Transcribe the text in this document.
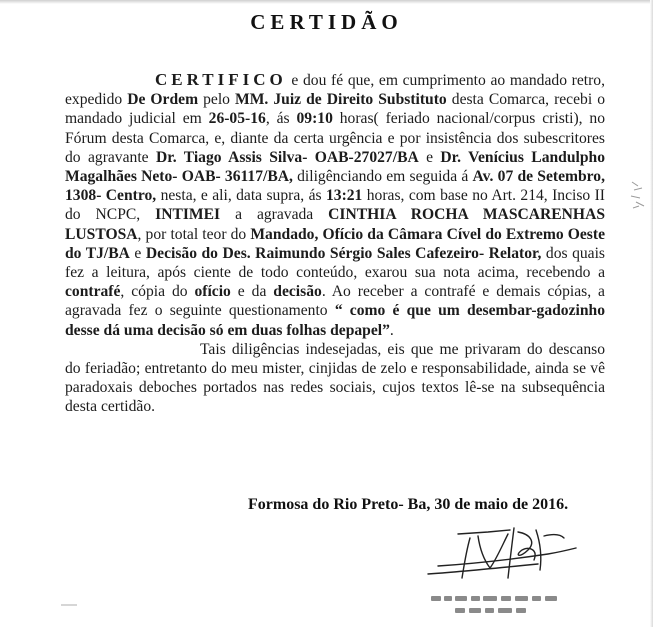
CERTIDÃO

CERTIFICO e dou fé que, em cumprimento ao mandado retro, expedido De Ordem pelo MM. Juiz de Direito Substituto desta Comarca, recebi o mandado judicial em 26-05-16, ás 09:10 horas( feriado nacional/corpus cristi), no Fórum desta Comarca, e, diante da certa urgência e por insistência dos subescritores do agravante Dr. Tiago Assis Silva- OAB-27027/BA e Dr. Venícius Landulpho Magalhães Neto- OAB- 36117/BA, diligênciando em seguida á Av. 07 de Setembro, 1308- Centro, nesta, e ali, data supra, ás 13:21 horas, com base no Art. 214, Inciso II do NCPC, INTIMEI a agravada CINTHIA ROCHA MASCARENHAS LUSTOSA, por total teor do Mandado, Ofício da Câmara Cível do Extremo Oeste do TJ/BA e Decisão do Des. Raimundo Sérgio Sales Cafezeiro- Relator, dos quais fez a leitura, após ciente de todo conteúdo, exarou sua nota acima, recebendo a contrafé, cópia do ofício e da decisão. Ao receber a contrafé e demais cópias, a agravada fez o seguinte questionamento “ como é que um desembar-gadozinho desse dá uma decisão só em duas folhas depapel”.

Tais diligências indesejadas, eis que me privaram do descanso do feriadão; entretanto do meu mister, cinjidas de zelo e responsabilidade, ainda se vê paradoxais deboches portados nas redes sociais, cujos textos lê-se na subsequência desta certidão.

Formosa do Rio Preto- Ba, 30 de maio de 2016.
